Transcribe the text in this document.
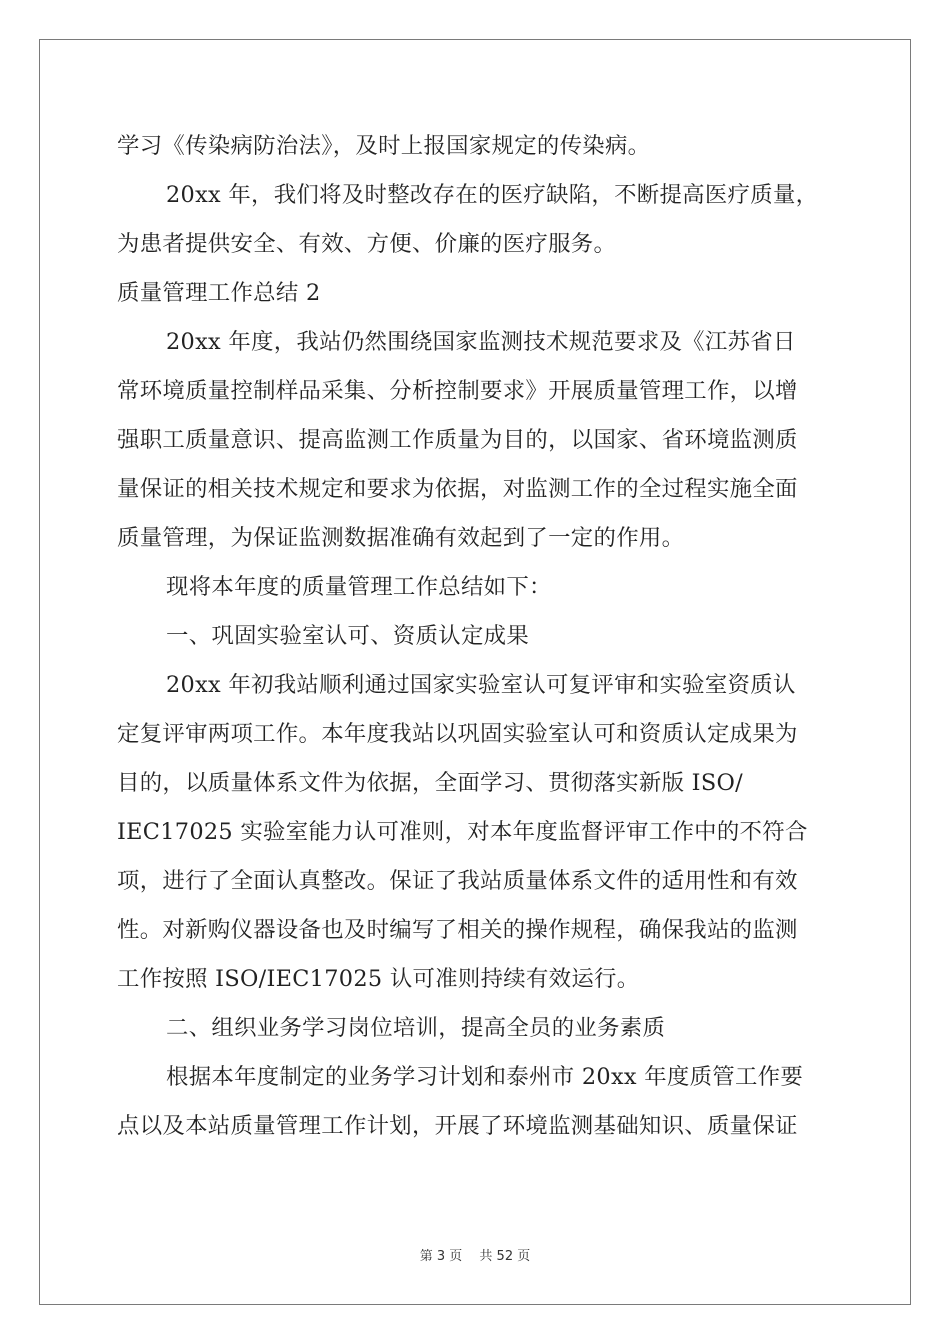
学习《传染病防治法》，及时上报国家规定的传染病。
20xx 年，我们将及时整改存在的医疗缺陷，不断提高医疗质量，
为患者提供安全、有效、方便、价廉的医疗服务。
质量管理工作总结 2
20xx 年度，我站仍然围绕国家监测技术规范要求及《江苏省日
常环境质量控制样品采集、分析控制要求》开展质量管理工作，以增
强职工质量意识、提高监测工作质量为目的，以国家、省环境监测质
量保证的相关技术规定和要求为依据，对监测工作的全过程实施全面
质量管理，为保证监测数据准确有效起到了一定的作用。
现将本年度的质量管理工作总结如下：
一、巩固实验室认可、资质认定成果
20xx 年初我站顺利通过国家实验室认可复评审和实验室资质认
定复评审两项工作。本年度我站以巩固实验室认可和资质认定成果为
目的，以质量体系文件为依据，全面学习、贯彻落实新版 ISO/
IEC17025 实验室能力认可准则，对本年度监督评审工作中的不符合
项，进行了全面认真整改。保证了我站质量体系文件的适用性和有效
性。对新购仪器设备也及时编写了相关的操作规程，确保我站的监测
工作按照 ISO/IEC17025 认可准则持续有效运行。
二、组织业务学习岗位培训，提高全员的业务素质
根据本年度制定的业务学习计划和泰州市 20xx 年度质管工作要
点以及本站质量管理工作计划，开展了环境监测基础知识、质量保证
第 3 页　 共 52 页
